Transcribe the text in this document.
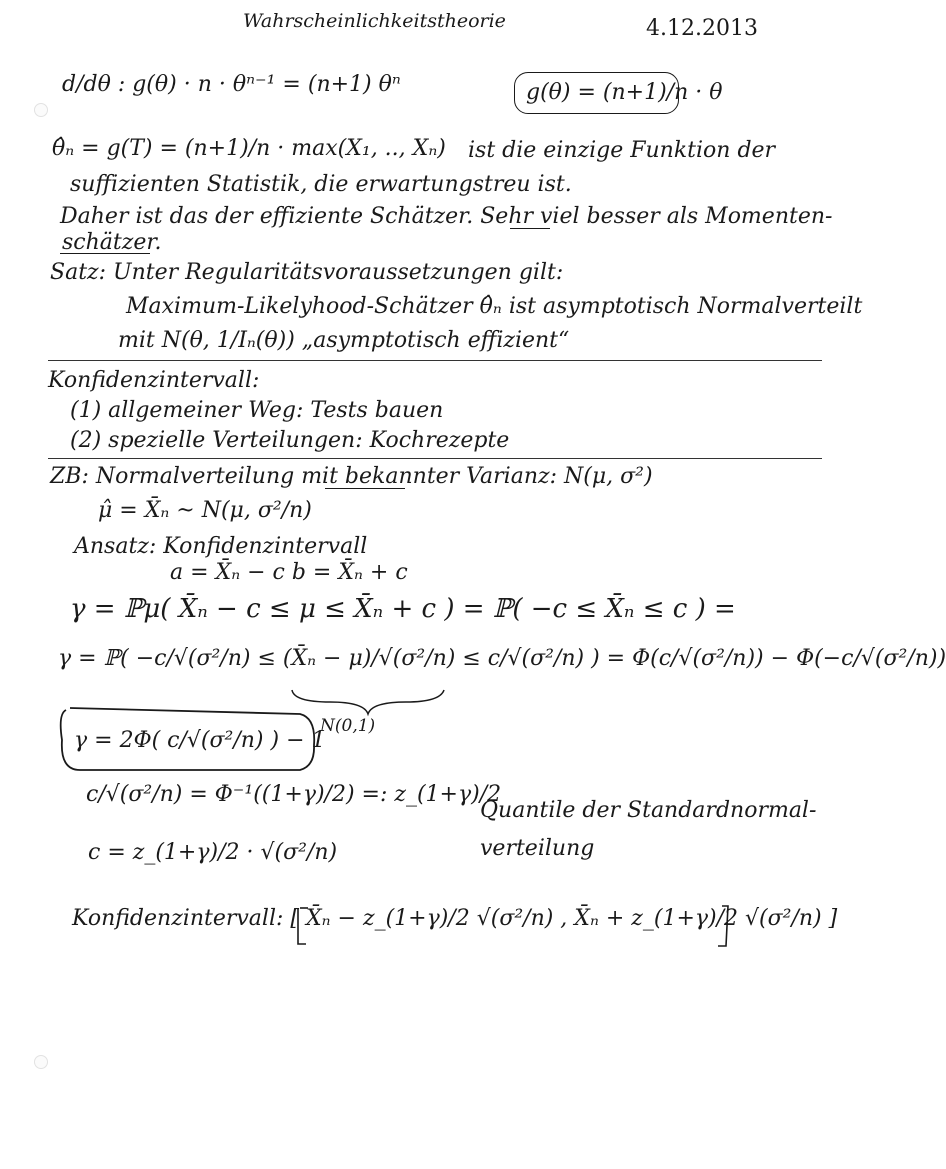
Wahrscheinlichkeitstheorie	4.12.2013
d/dθ : g(θ) · n · θⁿ⁻¹ = (n+1) θⁿ	g(θ) = (n+1)/n · θ
θ̂ₙ = g(T) = (n+1)/n · max(X₁, .., Xₙ) ist die einzige Funktion der
suffizienten Statistik, die erwartungstreu ist.
Daher ist das der effiziente Schätzer. Sehr viel besser als Momenten-
schätzer.
Satz: Unter Regularitätsvoraussetzungen gilt:
Maximum-Likelyhood-Schätzer θ̂ₙ ist asymptotisch Normalverteilt
mit N(θ, 1/Iₙ(θ)) „asymptotisch effizient“
Konfidenzintervall:
(1) allgemeiner Weg: Tests bauen
(2) spezielle Verteilungen: Kochrezepte
ZB: Normalverteilung mit bekannter Varianz: N(μ, σ²)
μ̂ = X̄ₙ ~ N(μ, σ²/n)
Ansatz: Konfidenzintervall
a = X̄ₙ − c b = X̄ₙ + c
γ = ℙμ( X̄ₙ − c ≤ μ ≤ X̄ₙ + c ) = ℙ( −c ≤ X̄ₙ ≤ c ) =
γ = ℙ( −c/√(σ²/n) ≤ (X̄ₙ − μ)/√(σ²/n) ≤ c/√(σ²/n) ) = Φ(c/√(σ²/n)) − Φ(−c/√(σ²/n))
N(0,1)
γ = 2Φ( c/√(σ²/n) ) − 1
c/√(σ²/n) = Φ⁻¹((1+γ)/2) =: z_(1+γ)/2
Quantile der Standardnormal-
verteilung
c = z_(1+γ)/2 · √(σ²/n)
Konfidenzintervall: [ X̄ₙ − z_(1+γ)/2 √(σ²/n) , X̄ₙ + z_(1+γ)/2 √(σ²/n) ]
